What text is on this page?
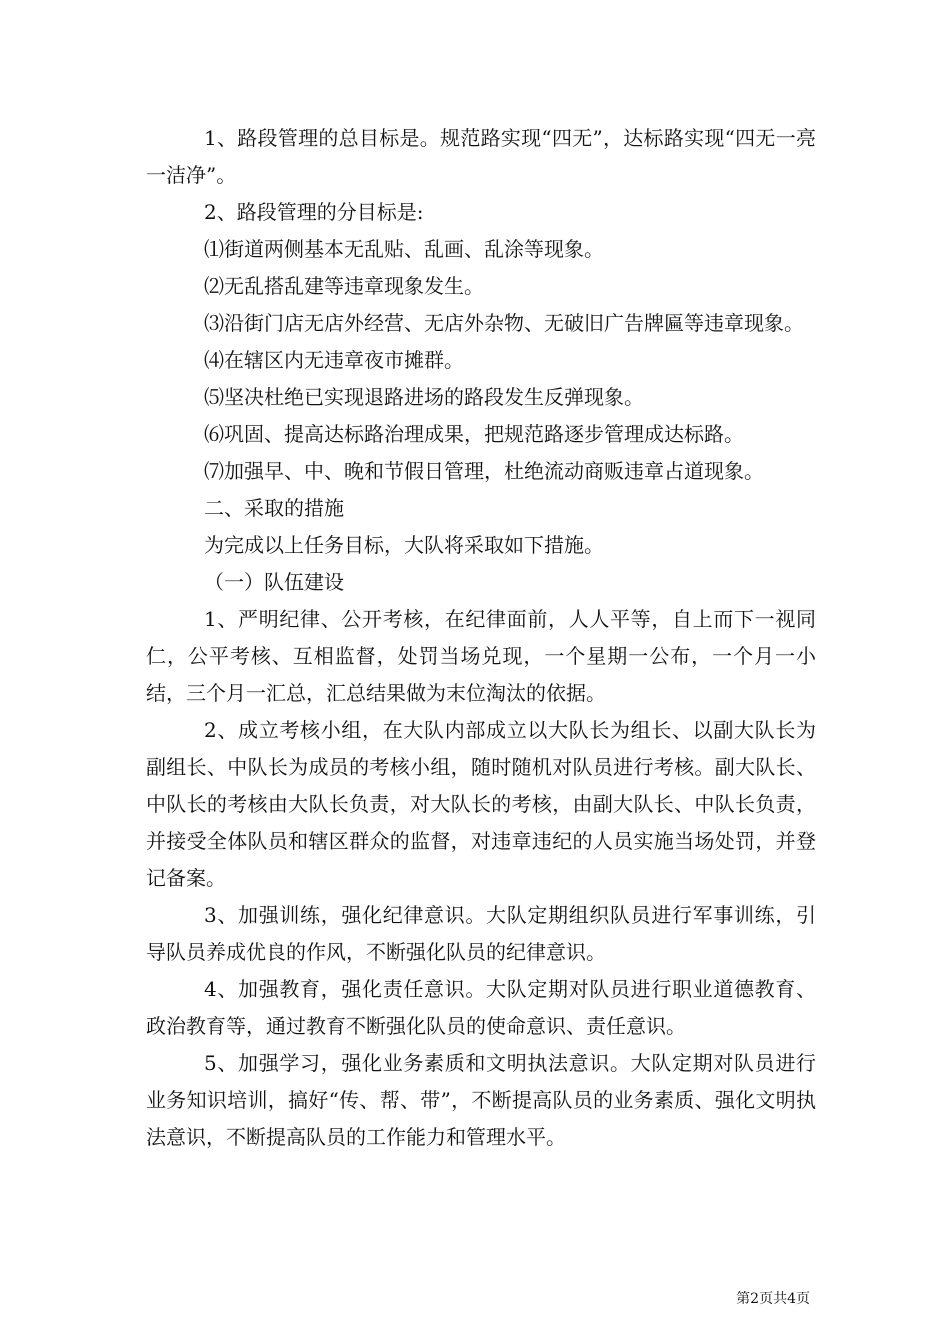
1、路段管理的总目标是。规范路实现“四无”，达标路实现“四无一亮一洁净”。

2、路段管理的分目标是:

⑴街道两侧基本无乱贴、乱画、乱涂等现象。

⑵无乱搭乱建等违章现象发生。

⑶沿街门店无店外经营、无店外杂物、无破旧广告牌匾等违章现象。

⑷在辖区内无违章夜市摊群。

⑸坚决杜绝已实现退路进场的路段发生反弹现象。

⑹巩固、提高达标路治理成果，把规范路逐步管理成达标路。

⑺加强早、中、晚和节假日管理，杜绝流动商贩违章占道现象。

二、采取的措施

为完成以上任务目标，大队将采取如下措施。

（一）队伍建设

1、严明纪律、公开考核，在纪律面前，人人平等，自上而下一视同仁，公平考核、互相监督，处罚当场兑现，一个星期一公布，一个月一小结，三个月一汇总，汇总结果做为末位淘汰的依据。

2、成立考核小组，在大队内部成立以大队长为组长、以副大队长为副组长、中队长为成员的考核小组，随时随机对队员进行考核。副大队长、中队长的考核由大队长负责，对大队长的考核，由副大队长、中队长负责，并接受全体队员和辖区群众的监督，对违章违纪的人员实施当场处罚，并登记备案。

3、加强训练，强化纪律意识。大队定期组织队员进行军事训练，引导队员养成优良的作风，不断强化队员的纪律意识。

4、加强教育，强化责任意识。大队定期对队员进行职业道德教育、政治教育等，通过教育不断强化队员的使命意识、责任意识。

5、加强学习，强化业务素质和文明执法意识。大队定期对队员进行业务知识培训，搞好“传、帮、带”，不断提高队员的业务素质、强化文明执法意识，不断提高队员的工作能力和管理水平。

第2页共4页
